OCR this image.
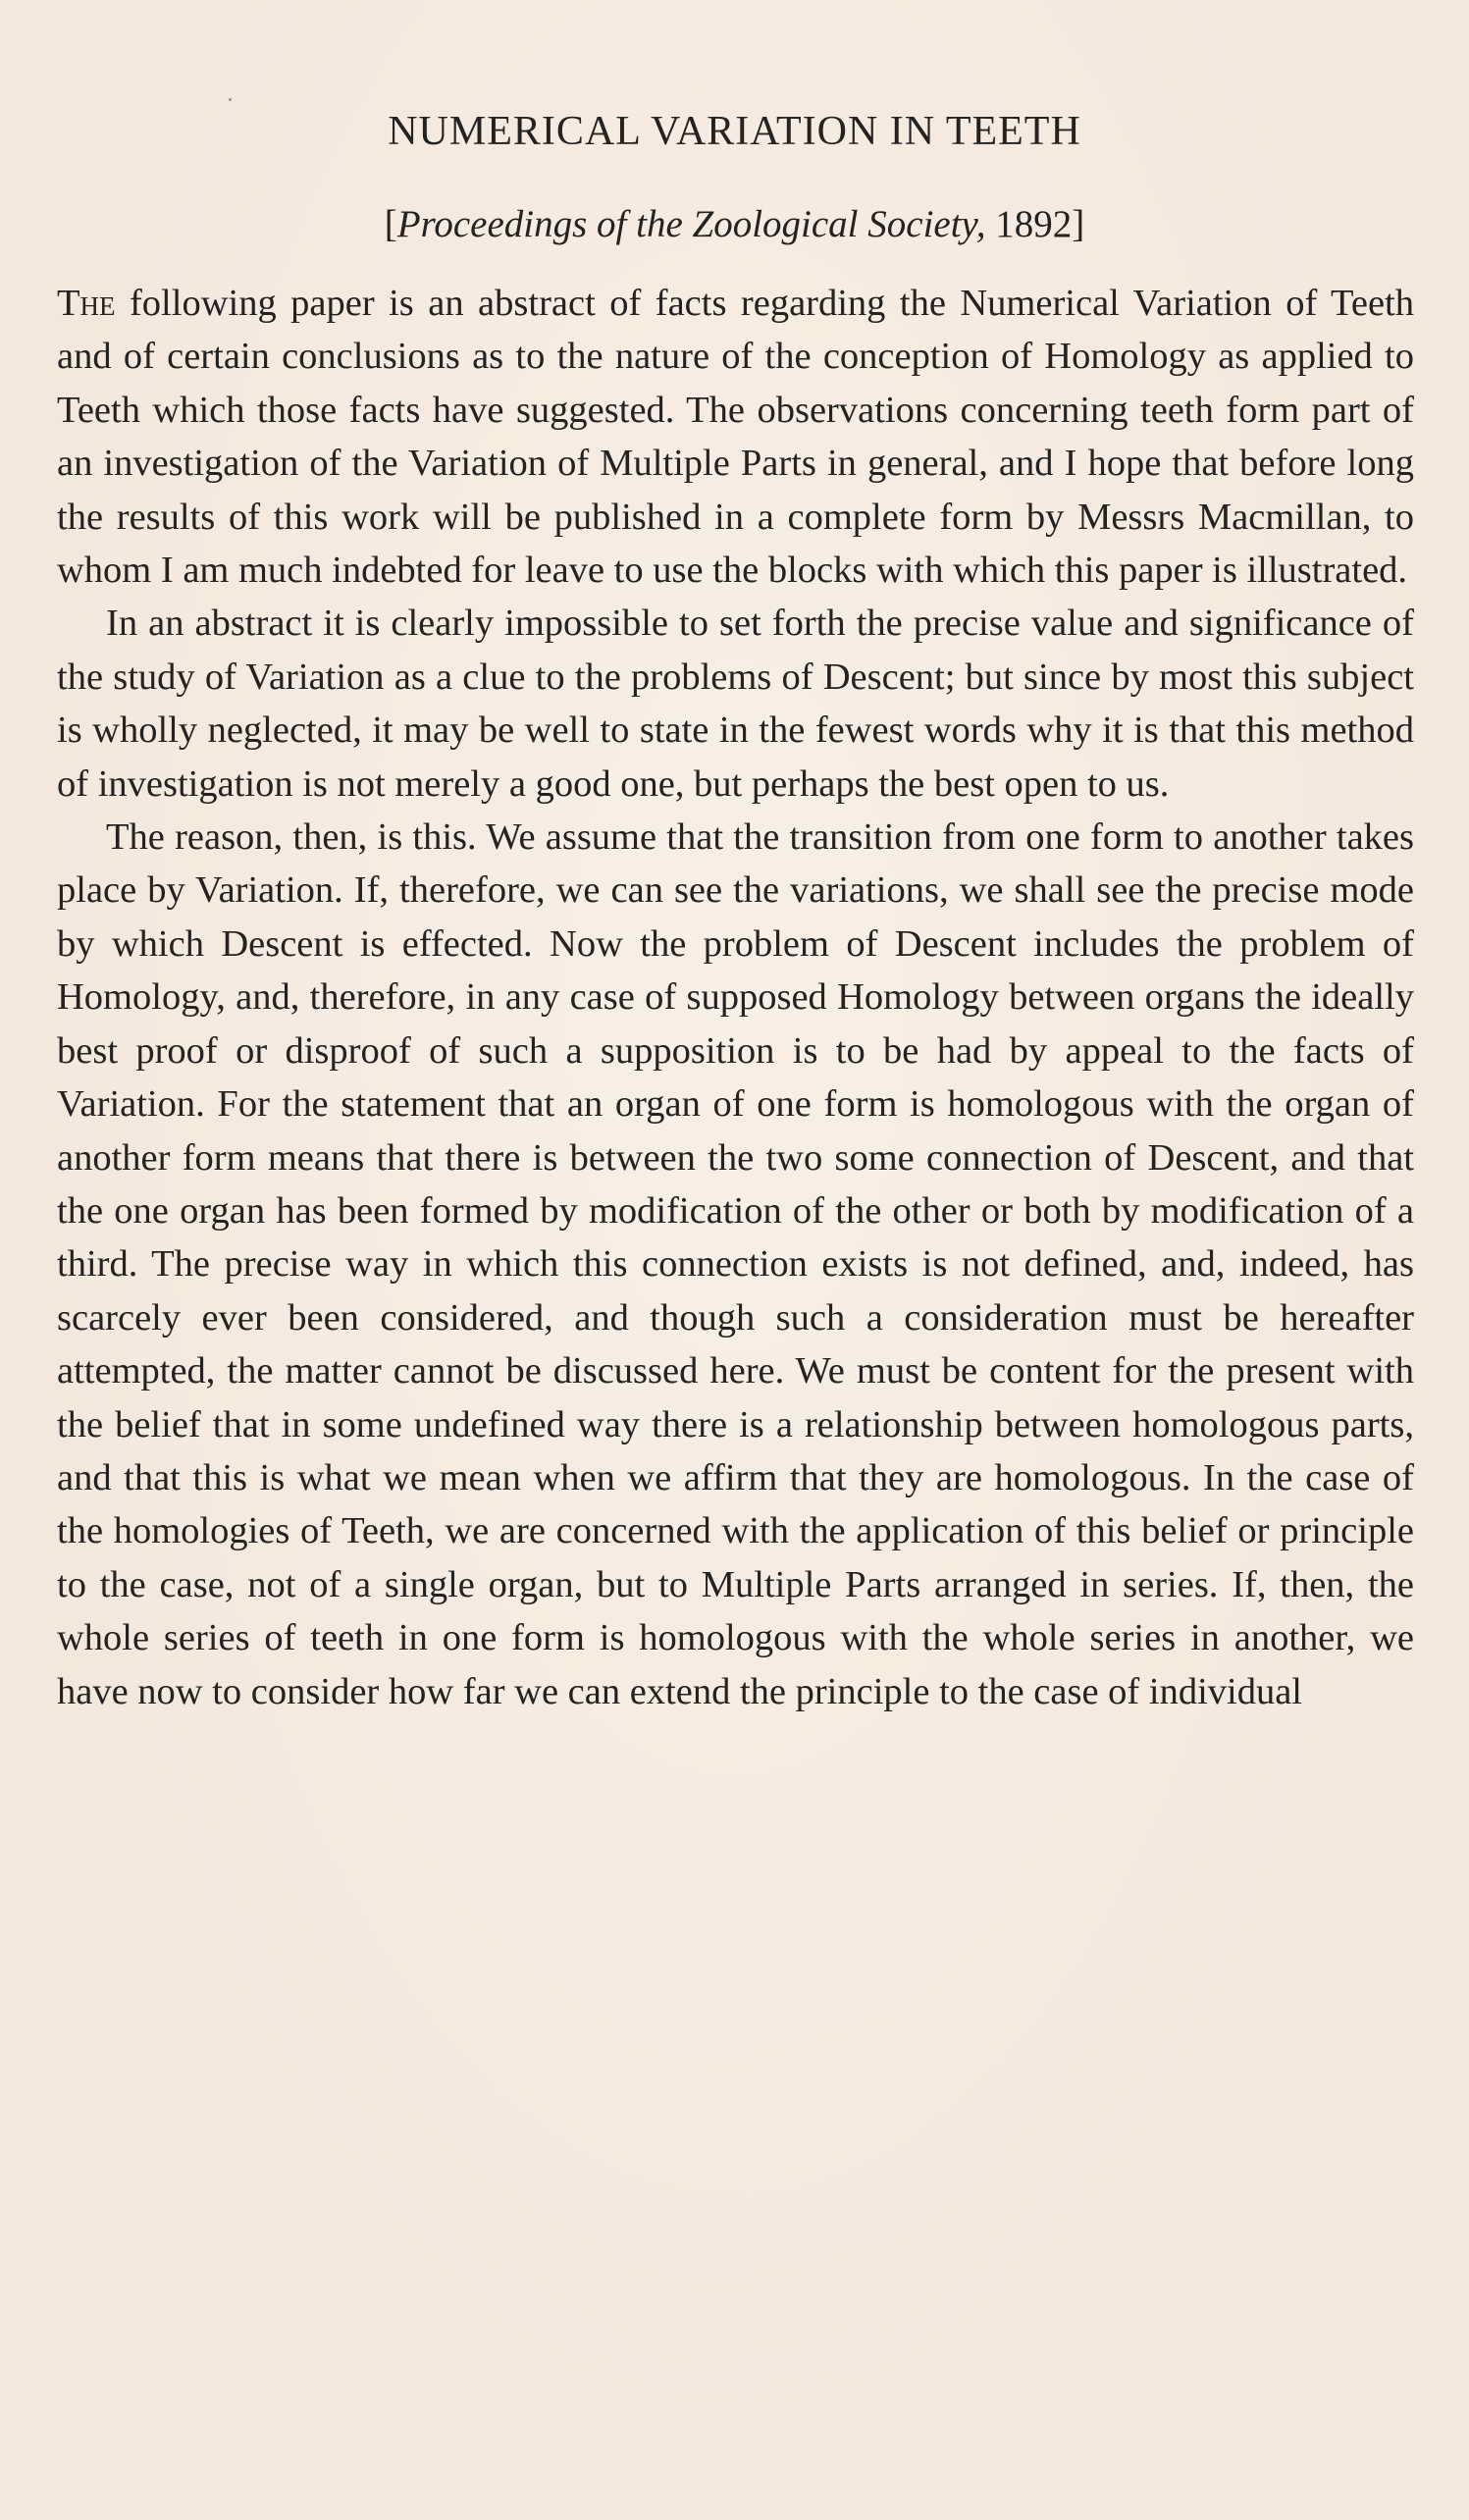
NUMERICAL VARIATION IN TEETH
[Proceedings of the Zoological Society, 1892]

The following paper is an abstract of facts regarding the Numerical Variation of Teeth and of certain conclusions as to the nature of the conception of Homology as applied to Teeth which those facts have suggested. The observations concerning teeth form part of an investigation of the Variation of Multiple Parts in general, and I hope that before long the results of this work will be published in a complete form by Messrs Macmillan, to whom I am much indebted for leave to use the blocks with which this paper is illustrated.

In an abstract it is clearly impossible to set forth the precise value and significance of the study of Variation as a clue to the problems of Descent; but since by most this subject is wholly neglected, it may be well to state in the fewest words why it is that this method of investigation is not merely a good one, but perhaps the best open to us.

The reason, then, is this. We assume that the transition from one form to another takes place by Variation. If, therefore, we can see the variations, we shall see the precise mode by which Descent is effected. Now the problem of Descent includes the problem of Homology, and, therefore, in any case of supposed Homology between organs the ideally best proof or disproof of such a supposition is to be had by appeal to the facts of Variation. For the statement that an organ of one form is homologous with the organ of another form means that there is between the two some connection of Descent, and that the one organ has been formed by modification of the other or both by modification of a third. The precise way in which this connection exists is not defined, and, indeed, has scarcely ever been considered, and though such a consideration must be hereafter attempted, the matter cannot be discussed here. We must be content for the present with the belief that in some undefined way there is a relationship between homologous parts, and that this is what we mean when we affirm that they are homologous. In the case of the homologies of Teeth, we are concerned with the application of this belief or principle to the case, not of a single organ, but to Multiple Parts arranged in series. If, then, the whole series of teeth in one form is homologous with the whole series in another, we have now to consider how far we can extend the principle to the case of individual
